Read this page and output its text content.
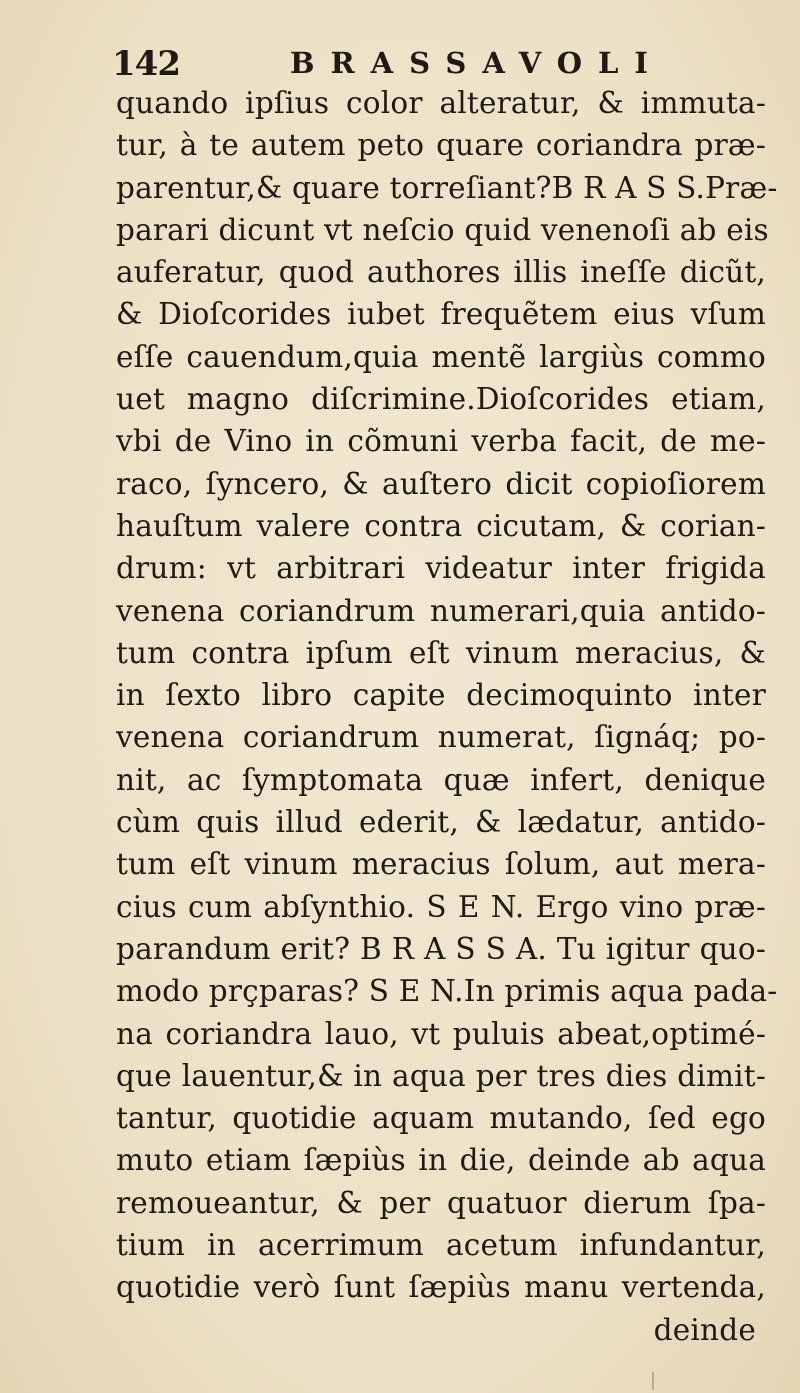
142	BRASSAVOLI
quando ipſius color alteratur, & immuta-
tur, à te autem peto quare coriandra præ-
parentur,& quare torreſiant?B R A S S.Præ-
parari dicunt vt neſcio quid venenoſi ab eis
auferatur, quod authores illis ineſſe dicũt,
& Dioſcorides iubet frequẽtem eius vſum
eſſe cauendum,quia mentẽ largiùs commo
uet magno diſcrimine.Dioſcorides etiam,
vbi de Vino in cõmuni verba facit, de me-
raco, ſyncero, & auſtero dicit copioſiorem
hauſtum valere contra cicutam, & corian-
drum: vt arbitrari videatur inter frigida
venena coriandrum numerari,quia antido-
tum contra ipſum eſt vinum meracius, &
in ſexto libro capite decimoquinto inter
venena coriandrum numerat, ſignáq; po-
nit, ac ſymptomata quæ infert, denique
cùm quis illud ederit, & lædatur, antido-
tum eſt vinum meracius ſolum, aut mera-
cius cum abſynthio. S E N. Ergo vino præ-
parandum erit? B R A S S A. Tu igitur quo-
modo prçparas? S E N.In primis aqua pada-
na coriandra lauo, vt puluis abeat,optimé-
que lauentur,& in aqua per tres dies dimit-
tantur, quotidie aquam mutando, ſed ego
muto etiam ſæpiùs in die, deinde ab aqua
remoueantur, & per quatuor dierum ſpa-
tium in acerrimum acetum infundantur,
quotidie verò ſunt ſæpiùs manu vertenda,
deinde
